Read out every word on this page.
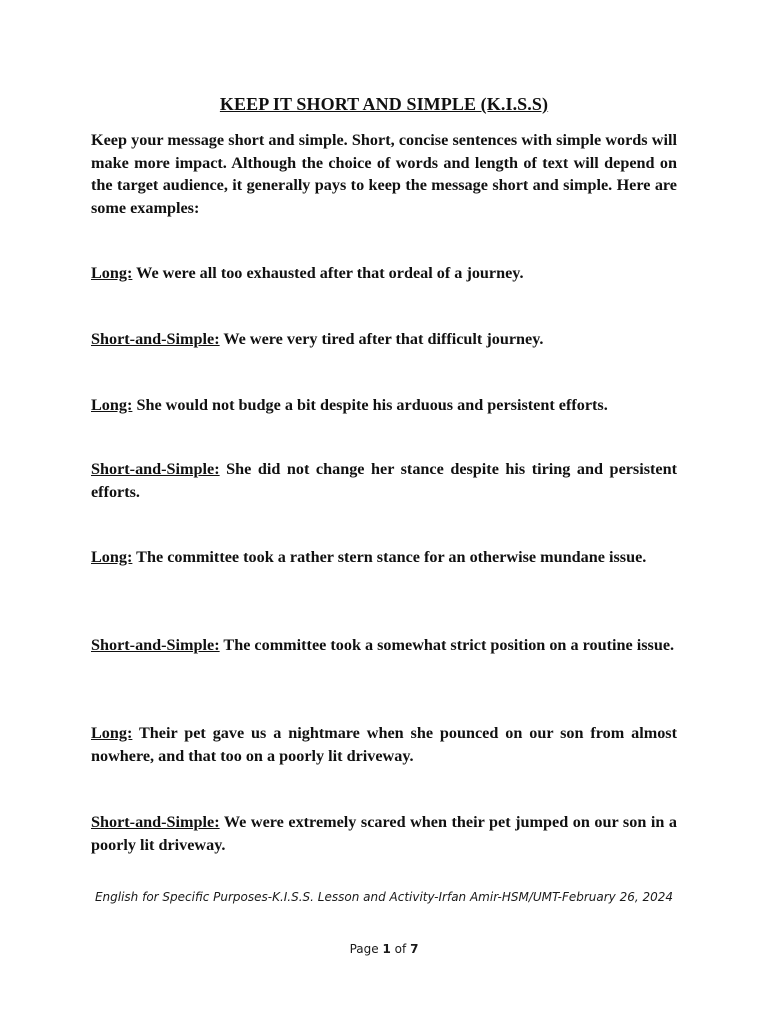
KEEP IT SHORT AND SIMPLE (K.I.S.S)
Keep your message short and simple. Short, concise sentences with simple words will make more impact. Although the choice of words and length of text will depend on the target audience, it generally pays to keep the message short and simple. Here are some examples:
Long: We were all too exhausted after that ordeal of a journey.
Short-and-Simple: We were very tired after that difficult journey.
Long: She would not budge a bit despite his arduous and persistent efforts.
Short-and-Simple: She did not change her stance despite his tiring and persistent efforts.
Long: The committee took a rather stern stance for an otherwise mundane issue.
Short-and-Simple: The committee took a somewhat strict position on a routine issue.
Long: Their pet gave us a nightmare when she pounced on our son from almost nowhere, and that too on a poorly lit driveway.
Short-and-Simple: We were extremely scared when their pet jumped on our son in a poorly lit driveway.
English for Specific Purposes-K.I.S.S. Lesson and Activity-Irfan Amir-HSM/UMT-February 26, 2024
Page 1 of 7
